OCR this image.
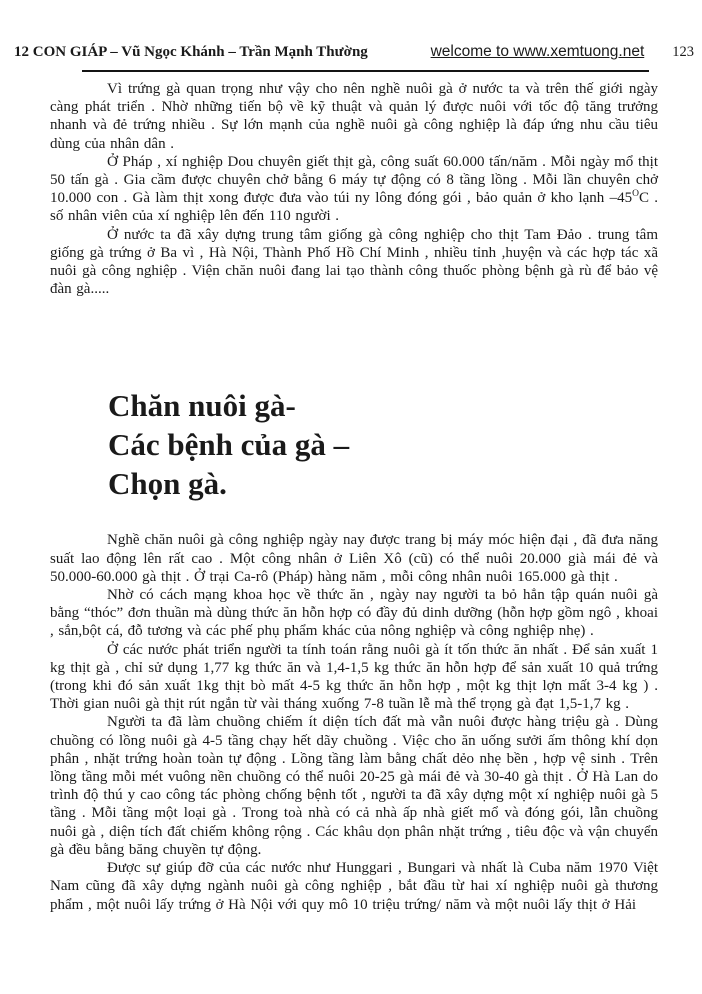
12 CON GIÁP – Vũ Ngọc Khánh – Trần Mạnh Thường	welcome to www.xemtuong.net 123

Vì trứng gà quan trọng như vậy cho nên nghề nuôi gà ở nước ta và trên thế giới ngày càng phát triển . Nhờ những tiến bộ về kỹ thuật và quản lý được nuôi với tốc độ tăng trưởng nhanh và đẻ trứng nhiều . Sự lớn mạnh của nghề nuôi gà công nghiệp là đáp ứng nhu cầu tiêu dùng của nhân dân .

Ở Pháp , xí nghiệp Dou chuyên giết thịt gà, công suất 60.000 tấn/năm . Mỗi ngày mổ thịt 50 tấn gà . Gia cầm được chuyên chở bằng 6 máy tự động có 8 tầng lồng . Mỗi lần chuyên chở 10.000 con . Gà làm thịt xong được đưa vào túi ny lông đóng gói , bảo quản ở kho lạnh $-45^OC$ . số nhân viên của xí nghiệp lên đến 110 người .

Ở nước ta đã xây dựng trung tâm giống gà công nghiệp cho thịt Tam Đảo . trung tâm giống gà trứng ở Ba vì , Hà Nội, Thành Phố Hồ Chí Minh , nhiều tỉnh ,huyện và các hợp tác xã nuôi gà công nghiệp . Viện chăn nuôi đang lai tạo thành công thuốc phòng bệnh gà rù để bảo vệ đàn gà.....

Chăn nuôi gà-
Các bệnh của gà –
Chọn gà.

Nghề chăn nuôi gà công nghiệp ngày nay được trang bị máy móc hiện đại , đã đưa năng suất lao động lên rất cao . Một công nhân ở Liên Xô (cũ) có thể nuôi 20.000 già mái đẻ và 50.000-60.000 gà thịt . Ở trại Ca-rô (Pháp) hàng năm , mỗi công nhân nuôi 165.000 gà thịt .

Nhờ có cách mạng khoa học về thức ăn , ngày nay người ta bỏ hẳn tập quán nuôi gà bằng “thóc” đơn thuần mà dùng thức ăn hỗn hợp có đầy đủ dinh dưỡng (hỗn hợp gồm ngô , khoai , sắn,bột cá, đỗ tương và các phế phụ phẩm khác của nông nghiệp và công nghiệp nhẹ) .

Ở các nước phát triển người ta tính toán rằng nuôi gà ít tốn thức ăn nhất . Để sản xuất 1 kg thịt gà , chỉ sử dụng 1,77 kg thức ăn và 1,4-1,5 kg thức ăn hỗn hợp để sản xuất 10 quả trứng (trong khi đó sản xuất 1kg thịt bò mất 4-5 kg thức ăn hỗn hợp , một kg thịt lợn mất 3-4 kg ) . Thời gian nuôi gà thịt rút ngắn từ vài tháng xuống 7-8 tuần lễ mà thể trọng gà đạt 1,5-1,7 kg .

Người ta đã làm chuồng chiếm ít diện tích đất mà vẫn nuôi được hàng triệu gà . Dùng chuồng có lồng nuôi gà 4-5 tầng chạy hết dãy chuồng . Việc cho ăn uống sưởi ấm thông khí dọn phân , nhặt trứng hoàn toàn tự động . Lồng tầng làm bằng chất dẻo nhẹ bền , hợp vệ sinh . Trên lồng tầng mỗi mét vuông nền chuồng có thể nuôi 20-25 gà mái đẻ và 30-40 gà thịt . Ở Hà Lan do trình độ thú y cao công tác phòng chống bệnh tốt , người ta đã xây dựng một xí nghiệp nuôi gà 5 tầng . Mỗi tầng một loại gà . Trong toà nhà có cả nhà ấp nhà giết mổ và đóng gói, lẫn chuồng nuôi gà , diện tích đất chiếm không rộng . Các khâu dọn phân nhặt trứng , tiêu độc và vận chuyển gà đều bằng băng chuyền tự động.

Được sự giúp đỡ của các nước như Hunggari , Bungari và nhất là Cuba năm 1970 Việt Nam cũng đã xây dựng ngành nuôi gà công nghiệp , bắt đầu từ hai xí nghiệp nuôi gà thương phẩm , một nuôi lấy trứng ở Hà Nội với quy mô 10 triệu trứng/ năm và một nuôi lấy thịt ở Hải
